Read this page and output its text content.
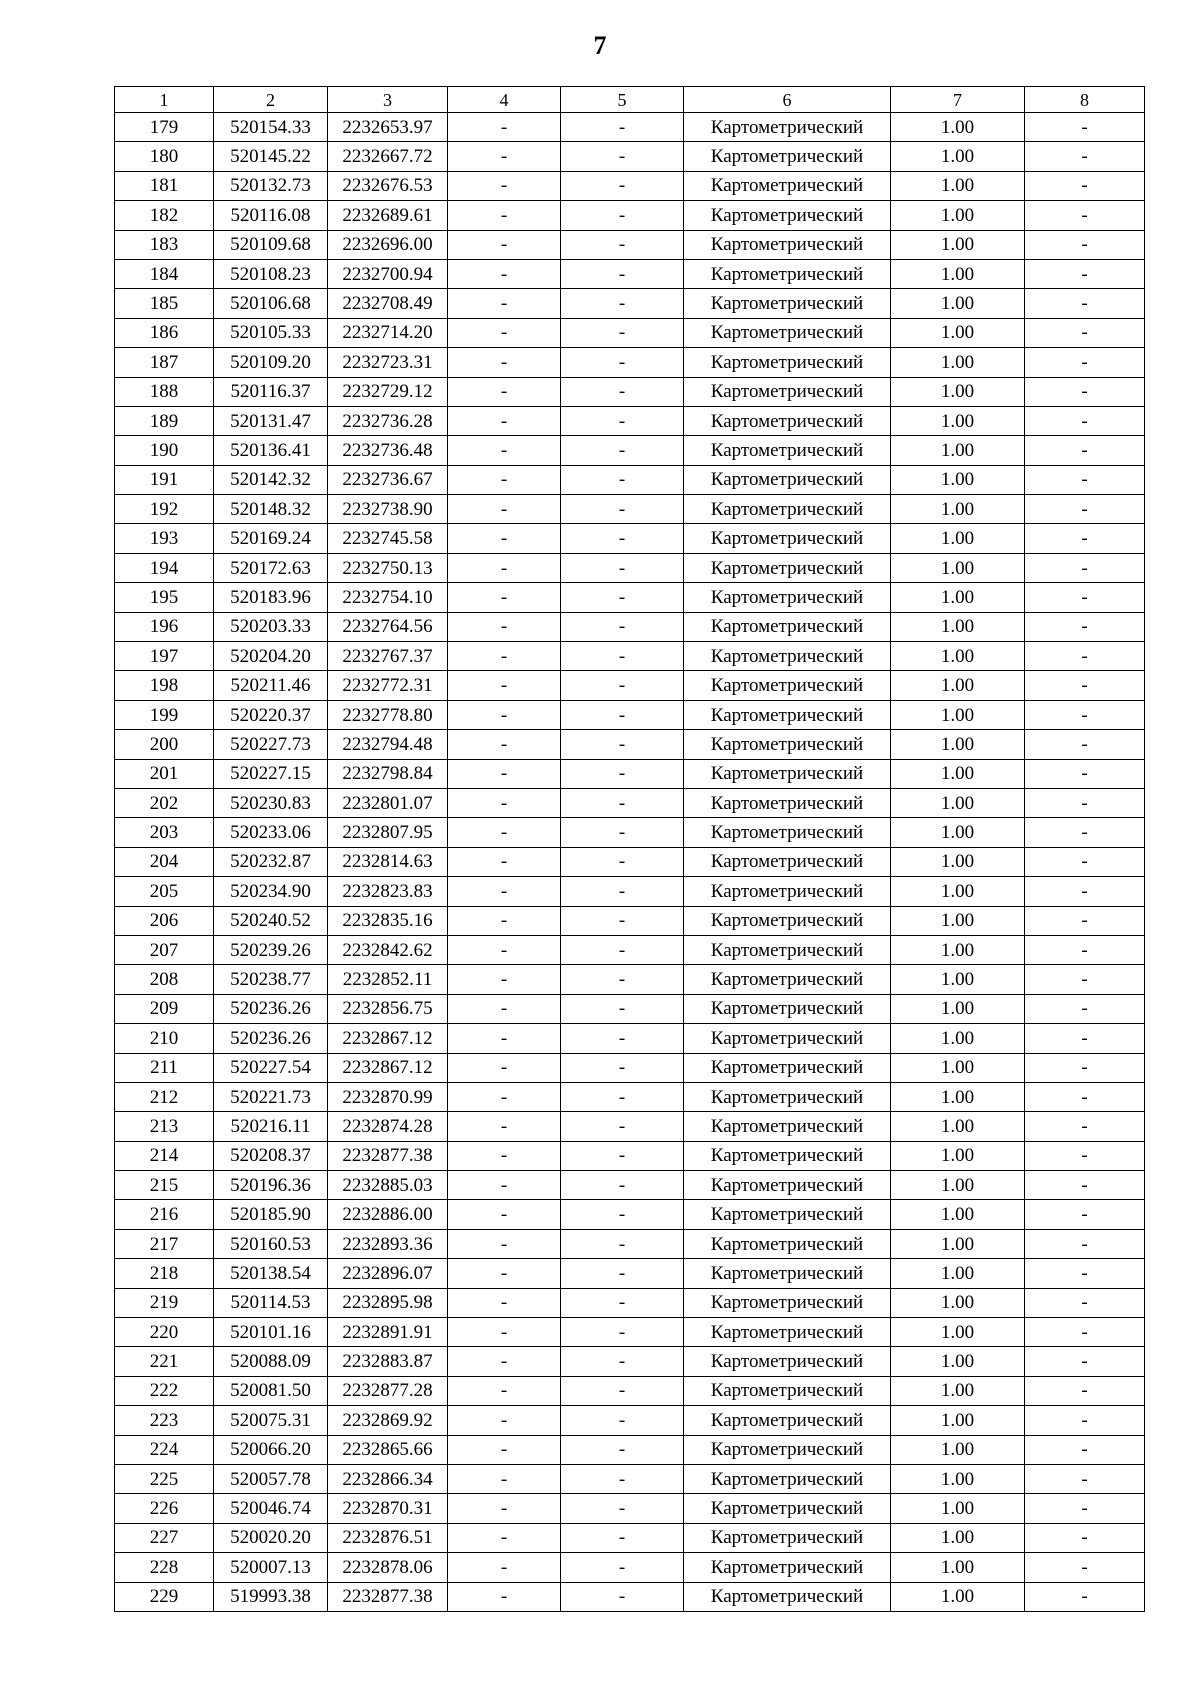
7
1	2	3	4	5	6	7	8
179	520154.33	2232653.97	-	-	Картометрический	1.00	-
180	520145.22	2232667.72	-	-	Картометрический	1.00	-
181	520132.73	2232676.53	-	-	Картометрический	1.00	-
182	520116.08	2232689.61	-	-	Картометрический	1.00	-
183	520109.68	2232696.00	-	-	Картометрический	1.00	-
184	520108.23	2232700.94	-	-	Картометрический	1.00	-
185	520106.68	2232708.49	-	-	Картометрический	1.00	-
186	520105.33	2232714.20	-	-	Картометрический	1.00	-
187	520109.20	2232723.31	-	-	Картометрический	1.00	-
188	520116.37	2232729.12	-	-	Картометрический	1.00	-
189	520131.47	2232736.28	-	-	Картометрический	1.00	-
190	520136.41	2232736.48	-	-	Картометрический	1.00	-
191	520142.32	2232736.67	-	-	Картометрический	1.00	-
192	520148.32	2232738.90	-	-	Картометрический	1.00	-
193	520169.24	2232745.58	-	-	Картометрический	1.00	-
194	520172.63	2232750.13	-	-	Картометрический	1.00	-
195	520183.96	2232754.10	-	-	Картометрический	1.00	-
196	520203.33	2232764.56	-	-	Картометрический	1.00	-
197	520204.20	2232767.37	-	-	Картометрический	1.00	-
198	520211.46	2232772.31	-	-	Картометрический	1.00	-
199	520220.37	2232778.80	-	-	Картометрический	1.00	-
200	520227.73	2232794.48	-	-	Картометрический	1.00	-
201	520227.15	2232798.84	-	-	Картометрический	1.00	-
202	520230.83	2232801.07	-	-	Картометрический	1.00	-
203	520233.06	2232807.95	-	-	Картометрический	1.00	-
204	520232.87	2232814.63	-	-	Картометрический	1.00	-
205	520234.90	2232823.83	-	-	Картометрический	1.00	-
206	520240.52	2232835.16	-	-	Картометрический	1.00	-
207	520239.26	2232842.62	-	-	Картометрический	1.00	-
208	520238.77	2232852.11	-	-	Картометрический	1.00	-
209	520236.26	2232856.75	-	-	Картометрический	1.00	-
210	520236.26	2232867.12	-	-	Картометрический	1.00	-
211	520227.54	2232867.12	-	-	Картометрический	1.00	-
212	520221.73	2232870.99	-	-	Картометрический	1.00	-
213	520216.11	2232874.28	-	-	Картометрический	1.00	-
214	520208.37	2232877.38	-	-	Картометрический	1.00	-
215	520196.36	2232885.03	-	-	Картометрический	1.00	-
216	520185.90	2232886.00	-	-	Картометрический	1.00	-
217	520160.53	2232893.36	-	-	Картометрический	1.00	-
218	520138.54	2232896.07	-	-	Картометрический	1.00	-
219	520114.53	2232895.98	-	-	Картометрический	1.00	-
220	520101.16	2232891.91	-	-	Картометрический	1.00	-
221	520088.09	2232883.87	-	-	Картометрический	1.00	-
222	520081.50	2232877.28	-	-	Картометрический	1.00	-
223	520075.31	2232869.92	-	-	Картометрический	1.00	-
224	520066.20	2232865.66	-	-	Картометрический	1.00	-
225	520057.78	2232866.34	-	-	Картометрический	1.00	-
226	520046.74	2232870.31	-	-	Картометрический	1.00	-
227	520020.20	2232876.51	-	-	Картометрический	1.00	-
228	520007.13	2232878.06	-	-	Картометрический	1.00	-
229	519993.38	2232877.38	-	-	Картометрический	1.00	-
